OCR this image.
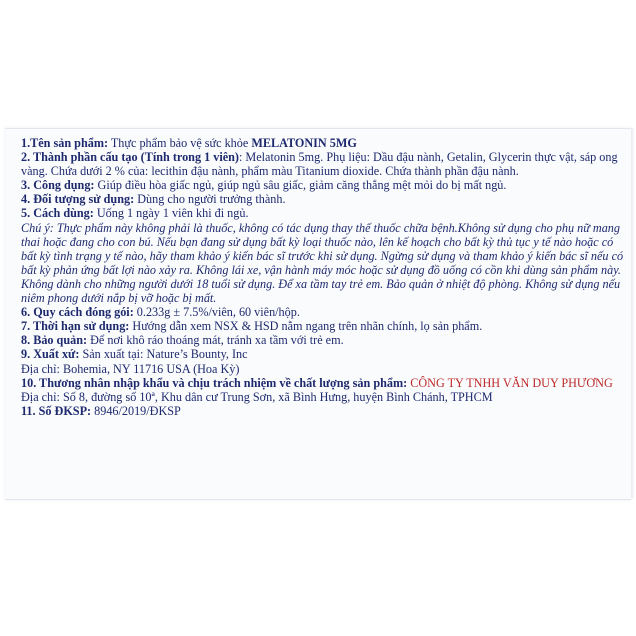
1.Tên sản phẩm: Thực phẩm bảo vệ sức khỏe MELATONIN 5MG

2. Thành phần cấu tạo (Tính trong 1 viên): Melatonin 5mg. Phụ liệu: Dầu đậu nành, Getalin, Glycerin thực vật, sáp ong vàng. Chứa dưới 2 % của: lecithin đậu nành, phẩm màu Titanium dioxide. Chứa thành phần đậu nành.

3. Công dụng: Giúp điều hòa giấc ngủ, giúp ngủ sâu giấc, giảm căng thẳng mệt mỏi do bị mất ngủ.

4. Đối tượng sử dụng: Dùng cho người trưởng thành.

5. Cách dùng: Uống 1 ngày 1 viên khi đi ngủ.

Chú ý: Thực phẩm này không phải là thuốc, không có tác dụng thay thế thuốc chữa bệnh.Không sử dụng cho phụ nữ mang thai hoặc đang cho con bú. Nếu bạn đang sử dụng bất kỳ loại thuốc nào, lên kế hoạch cho bất kỳ thủ tục y tế nào hoặc có bất kỳ tình trạng y tế nào, hãy tham khảo ý kiến bác sĩ trước khi sử dụng. Ngừng sử dụng và tham khảo ý kiến bác sĩ nếu có bất kỳ phản ứng bất lợi nào xảy ra. Không lái xe, vận hành máy móc hoặc sử dụng đồ uống có cồn khi dùng sản phẩm này. Không dành cho những người dưới 18 tuổi sử dụng. Để xa tầm tay trẻ em. Bảo quản ở nhiệt độ phòng. Không sử dụng nếu niêm phong dưới nắp bị vỡ hoặc bị mất.

6. Quy cách đóng gói: 0.233g ± 7.5%/viên, 60 viên/hộp.

7. Thời hạn sử dụng: Hướng dẫn xem NSX & HSD nằm ngang trên nhãn chính, lọ sản phẩm.

8. Bảo quản: Để nơi khô ráo thoáng mát, tránh xa tầm với trẻ em.

9. Xuất xứ: Sản xuất tại: Nature’s Bounty, Inc

Địa chỉ: Bohemia, NY 11716 USA (Hoa Kỳ)

10. Thương nhân nhập khẩu và chịu trách nhiệm về chất lượng sản phẩm: CÔNG TY TNHH VĂN DUY PHƯƠNG

Địa chỉ: Số 8, đường số 10ª, Khu dân cư Trung Sơn, xã Bình Hưng, huyện Bình Chánh, TPHCM

11. Số ĐKSP: 8946/2019/ĐKSP
